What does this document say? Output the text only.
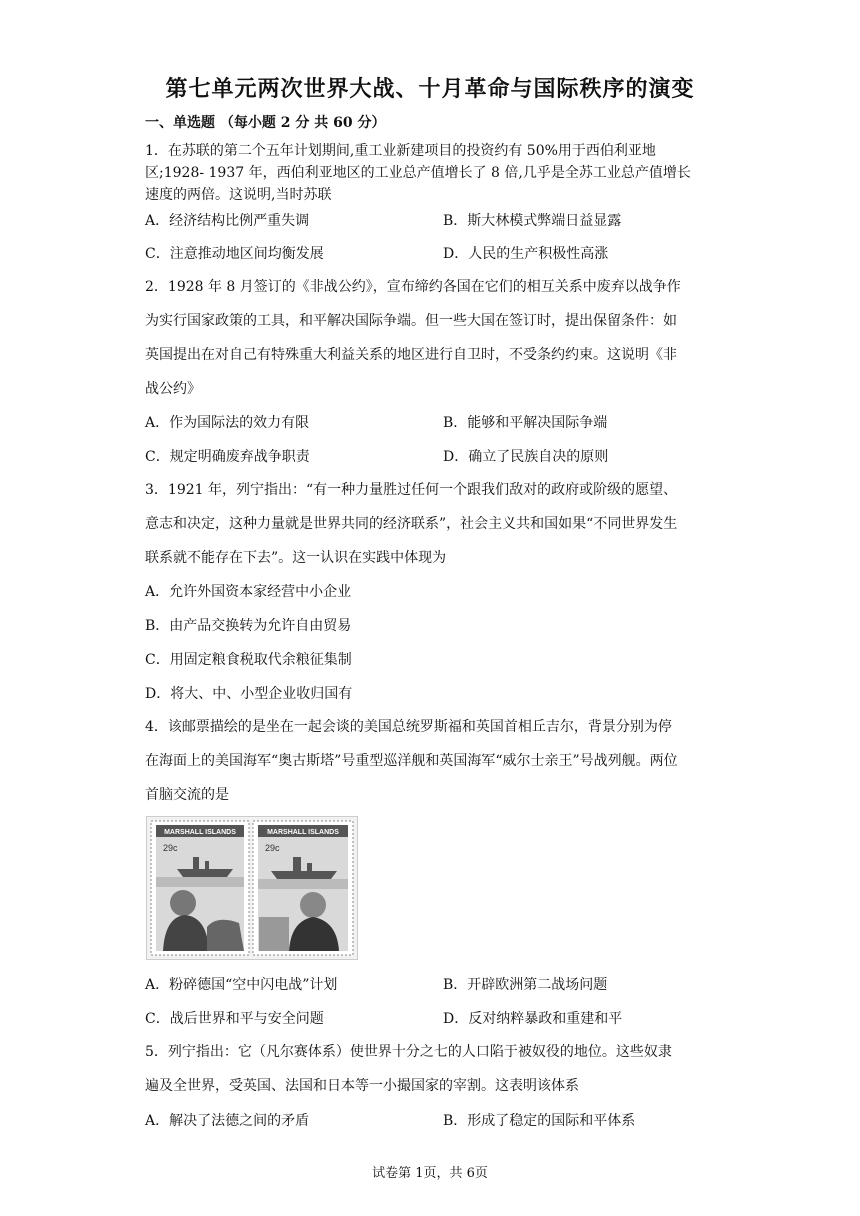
第七单元两次世界大战、十月革命与国际秩序的演变
一、单选题 （每小题 2 分 共 60 分）
1．在苏联的第二个五年计划期间,重工业新建项目的投资约有 50%用于西伯利亚地
区;1928- 1937 年，西伯利亚地区的工业总产值增长了 8 倍,几乎是全苏工业总产值增长
速度的两倍。这说明,当时苏联
A．经济结构比例严重失调	B．斯大林模式弊端日益显露
C．注意推动地区间均衡发展	D．人民的生产积极性高涨
2．1928 年 8 月签订的《非战公约》，宣布缔约各国在它们的相互关系中废弃以战争作
为实行国家政策的工具，和平解决国际争端。但一些大国在签订时，提出保留条件：如
英国提出在对自己有特殊重大利益关系的地区进行自卫时，不受条约约束。这说明《非
战公约》
A．作为国际法的效力有限	B．能够和平解决国际争端
C．规定明确废弃战争职责	D．确立了民族自决的原则
3．1921 年，列宁指出：“有一种力量胜过任何一个跟我们敌对的政府或阶级的愿望、
意志和决定，这种力量就是世界共同的经济联系”，社会主义共和国如果“不同世界发生
联系就不能存在下去”。这一认识在实践中体现为
A．允许外国资本家经营中小企业
B．由产品交换转为允许自由贸易
C．用固定粮食税取代余粮征集制
D．将大、中、小型企业收归国有
4．该邮票描绘的是坐在一起会谈的美国总统罗斯福和英国首相丘吉尔，背景分别为停
在海面上的美国海军“奥古斯塔”号重型巡洋舰和英国海军“威尔士亲王”号战列舰。两位
首脑交流的是
MARSHALL ISLANDS
29c
MARSHALL ISLANDS
29c
A．粉碎德国“空中闪电战”计划	B．开辟欧洲第二战场问题
C．战后世界和平与安全问题	D．反对纳粹暴政和重建和平
5．列宁指出：它（凡尔赛体系）使世界十分之七的人口陷于被奴役的地位。这些奴隶
遍及全世界，受英国、法国和日本等一小撮国家的宰割。这表明该体系
A．解决了法德之间的矛盾	B．形成了稳定的国际和平体系
试卷第 1页，共 6页
